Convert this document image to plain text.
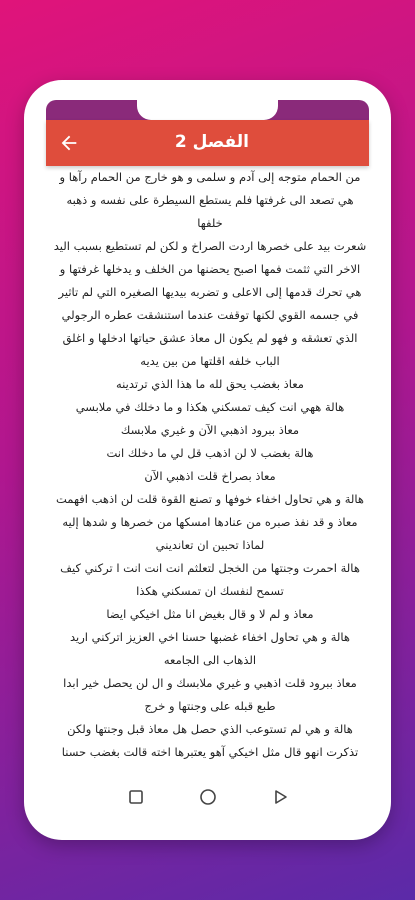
الفصل 2

من الحمام متوجه إلى آدم و سلمى و هو خارج من الحمام رآها و هي تصعد الى غرفتها فلم يستطع السيطرة على نفسه و ذهبه خلفها

شعرت بيد على خصرها اردت الصراخ و لكن لم تستطيع بسبب اليد الاخر التي ثثمت فمها اصبح يحضنها من الخلف و يدخلها غرفتها و هي تحرك قدمها إلى الاعلى و تضربه بيديها الصغيره التي لم تاثير في جسمه القوي لكنها توقفت عندما استنشقت عطره الرجولي الذي تعشقه و فهو لم يكون ال معاذ عشق حياتها ادخلها و اغلق الباب خلفه اقلتها من بين يديه

معاذ بغضب يحق لله ما هذا الذي ترتدينه

هالة ههي انت كيف تمسكني هكذا و ما دخلك في ملابسي

معاذ ببرود اذهبي الآن و غيري ملابسك

هالة بغضب لا لن اذهب قل لي ما دخلك انت

معاذ بصراخ قلت اذهبي الآن

هالة و هي تحاول اخفاء خوفها و تصنع القوة قلت لن اذهب افهمت

معاذ و قد نفذ صبره من عنادها امسكها من خصرها و شدها إليه لماذا تحبين ان تعانديني

هالة احمرت وجنتها من الخجل لتعلثم انت انت انت ا تركني كيف تسمح لنفسك ان تمسكني هكذا

معاذ و لم لا و قال بغيض انا مثل اخيكي ايضا

هالة و هي تحاول اخفاء غضبها حسنا اخي العزيز اتركني اريد الذهاب الى الجامعه

معاذ ببرود قلت اذهبي و غيري ملابسك و ال لن يحصل خير ابدا طبع قبله على وجنتها و خرج

هالة و هي لم تستوعب الذي حصل هل معاذ قبل وجنتها ولكن تذكرت انهو قال مثل اخيكي آهو يعتبرها اخته قالت بغضب حسنا
